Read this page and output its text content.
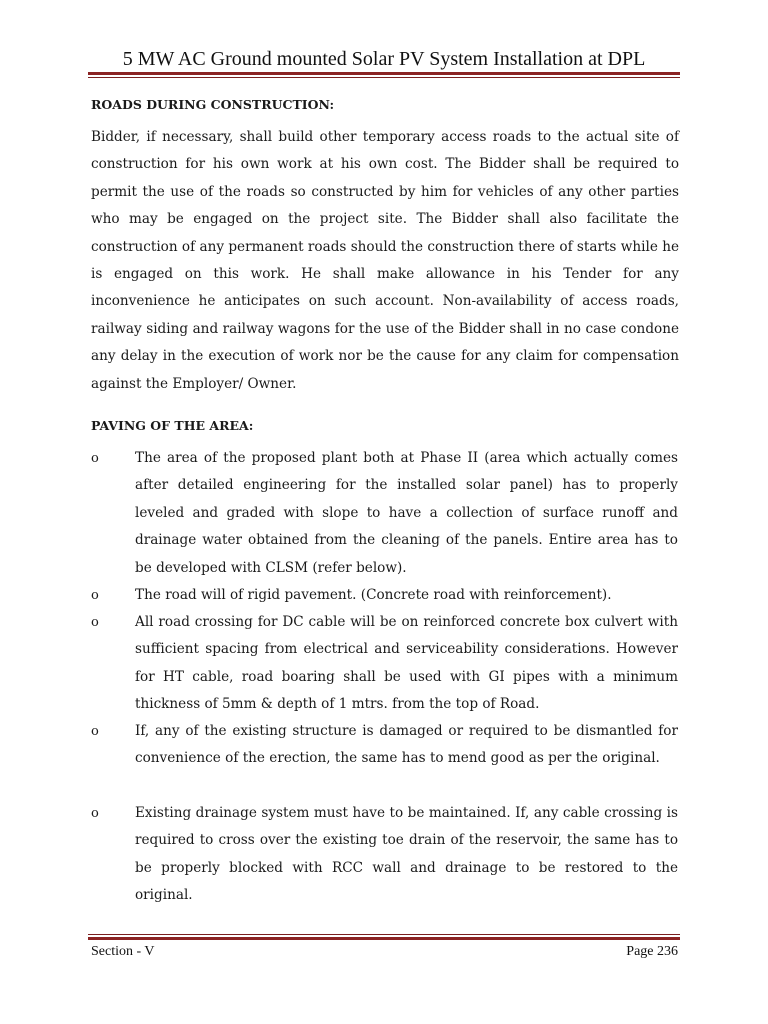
5 MW AC Ground mounted Solar PV System Installation at DPL
ROADS DURING CONSTRUCTION:
Bidder, if necessary, shall build other temporary access roads to the actual site of construction for his own work at his own cost. The Bidder shall be required to permit the use of the roads so constructed by him for vehicles of any other parties who may be engaged on the project site. The Bidder shall also facilitate the construction of any permanent roads should the construction there of starts while he is engaged on this work. He shall make allowance in his Tender for any inconvenience he anticipates on such account. Non-availability of access roads, railway siding and railway wagons for the use of the Bidder shall in no case condone any delay in the execution of work nor be the cause for any claim for compensation against the Employer/ Owner.
PAVING OF THE AREA:
o	The area of the proposed plant both at Phase II (area which actually comes after detailed engineering for the installed solar panel) has to properly leveled and graded with slope to have a collection of surface runoff and drainage water obtained from the cleaning of the panels. Entire area has to be developed with CLSM (refer below).
o	The road will of rigid pavement. (Concrete road with reinforcement).
o	All road crossing for DC cable will be on reinforced concrete box culvert with sufficient spacing from electrical and serviceability considerations. However for HT cable, road boaring shall be used with GI pipes with a minimum thickness of 5mm & depth of 1 mtrs. from the top of Road.
o	If, any of the existing structure is damaged or required to be dismantled for convenience of the erection, the same has to mend good as per the original.
o	Existing drainage system must have to be maintained. If, any cable crossing is required to cross over the existing toe drain of the reservoir, the same has to be properly blocked with RCC wall and drainage to be restored to the original.
Section - V	Page 236
